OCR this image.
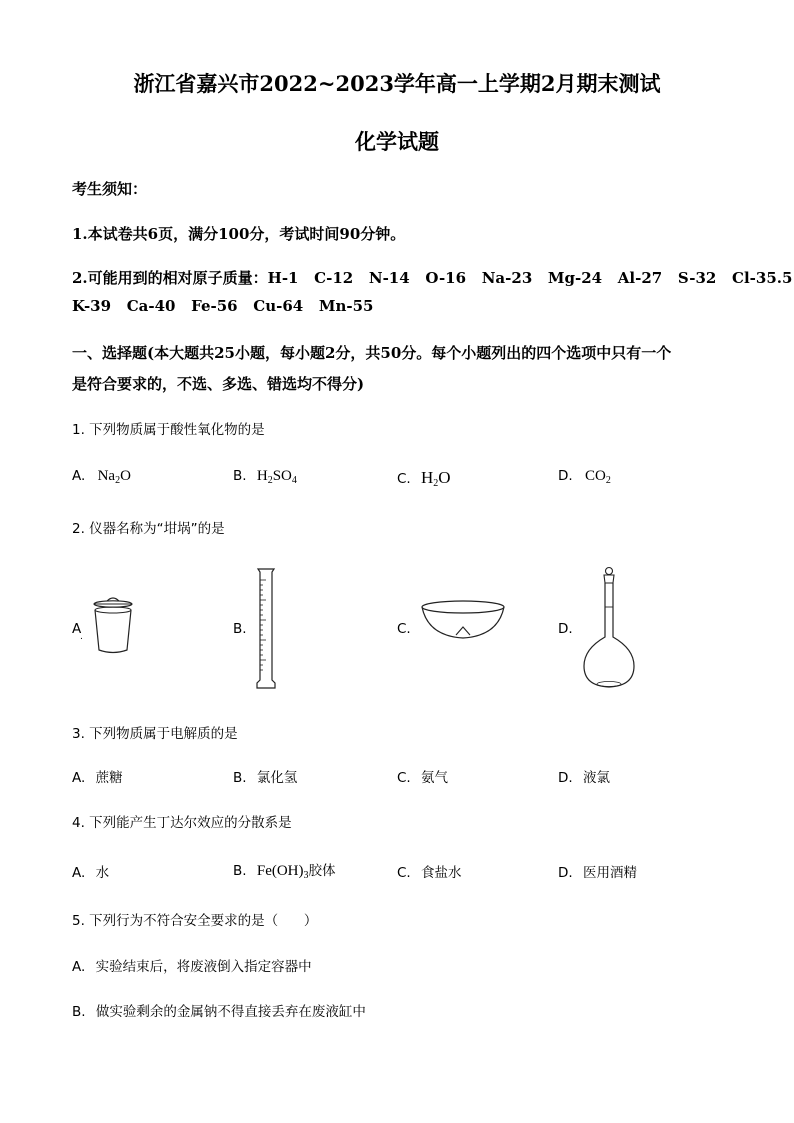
浙江省嘉兴市2022~2023学年高一上学期2月期末测试
化学试题
考生须知：
1.本试卷共6页，满分100分，考试时间90分钟。
2.可能用到的相对原子质量：H-1   C-12   N-14   O-16   Na-23   Mg-24   Al-27   S-32   Cl-35.5
K-39   Ca-40   Fe-56   Cu-64   Mn-55
一、选择题(本大题共25小题，每小题2分，共50分。每个小题列出的四个选项中只有一个
是符合要求的，不选、多选、错选均不得分)
1. 下列物质属于酸性氧化物的是
A. $Na_2O$	B. $H_2SO_4$	C. $H_2O$	D. $CO_2$
2. 仪器名称为“坩埚”的是
A
.	B.	C.	D.
3. 下列物质属于电解质的是
A. 蔗糖	B. 氯化氢	C. 氨气	D. 液氯
4. 下列能产生丁达尔效应的分散系是
A. 水	B. $Fe(OH)_3$胶体	C. 食盐水	D. 医用酒精
5. 下列行为不符合安全要求的是（      ）
A. 实验结束后，将废液倒入指定容器中
B. 做实验剩余的金属钠不得直接丢弃在废液缸中
